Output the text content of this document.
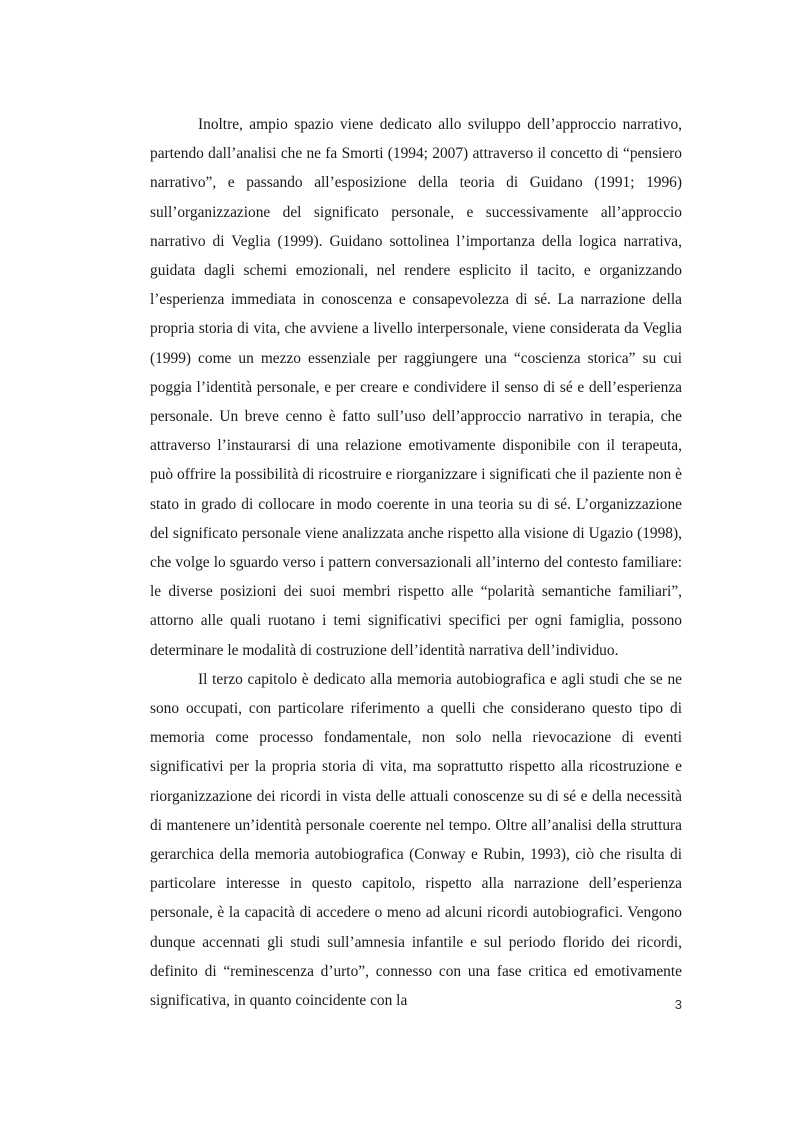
Inoltre, ampio spazio viene dedicato allo sviluppo dell’approccio narrativo, partendo dall’analisi che ne fa Smorti (1994; 2007) attraverso il concetto di “pensiero narrativo”, e passando all’esposizione della teoria di Guidano (1991; 1996) sull’organizzazione del significato personale, e successivamente all’approccio narrativo di Veglia (1999). Guidano sottolinea l’importanza della logica narrativa, guidata dagli schemi emozionali, nel rendere esplicito il tacito, e organizzando l’esperienza immediata in conoscenza e consapevolezza di sé. La narrazione della propria storia di vita, che avviene a livello interpersonale, viene considerata da Veglia (1999) come un mezzo essenziale per raggiungere una “coscienza storica” su cui poggia l’identità personale, e per creare e condividere il senso di sé e dell’esperienza personale. Un breve cenno è fatto sull’uso dell’approccio narrativo in terapia, che attraverso l’instaurarsi di una relazione emotivamente disponibile con il terapeuta, può offrire la possibilità di ricostruire e riorganizzare i significati che il paziente non è stato in grado di collocare in modo coerente in una teoria su di sé. L’organizzazione del significato personale viene analizzata anche rispetto alla visione di Ugazio (1998), che volge lo sguardo verso i pattern conversazionali all’interno del contesto familiare: le diverse posizioni dei suoi membri rispetto alle “polarità semantiche familiari”, attorno alle quali ruotano i temi significativi specifici per ogni famiglia, possono determinare le modalità di costruzione dell’identità narrativa dell’individuo.

Il terzo capitolo è dedicato alla memoria autobiografica e agli studi che se ne sono occupati, con particolare riferimento a quelli che considerano questo tipo di memoria come processo fondamentale, non solo nella rievocazione di eventi significativi per la propria storia di vita, ma soprattutto rispetto alla ricostruzione e riorganizzazione dei ricordi in vista delle attuali conoscenze su di sé e della necessità di mantenere un’identità personale coerente nel tempo. Oltre all’analisi della struttura gerarchica della memoria autobiografica (Conway e Rubin, 1993), ciò che risulta di particolare interesse in questo capitolo, rispetto alla narrazione dell’esperienza personale, è la capacità di accedere o meno ad alcuni ricordi autobiografici. Vengono dunque accennati gli studi sull’amnesia infantile e sul periodo florido dei ricordi, definito di “reminescenza d’urto”, connesso con una fase critica ed emotivamente significativa, in quanto coincidente con la	3
